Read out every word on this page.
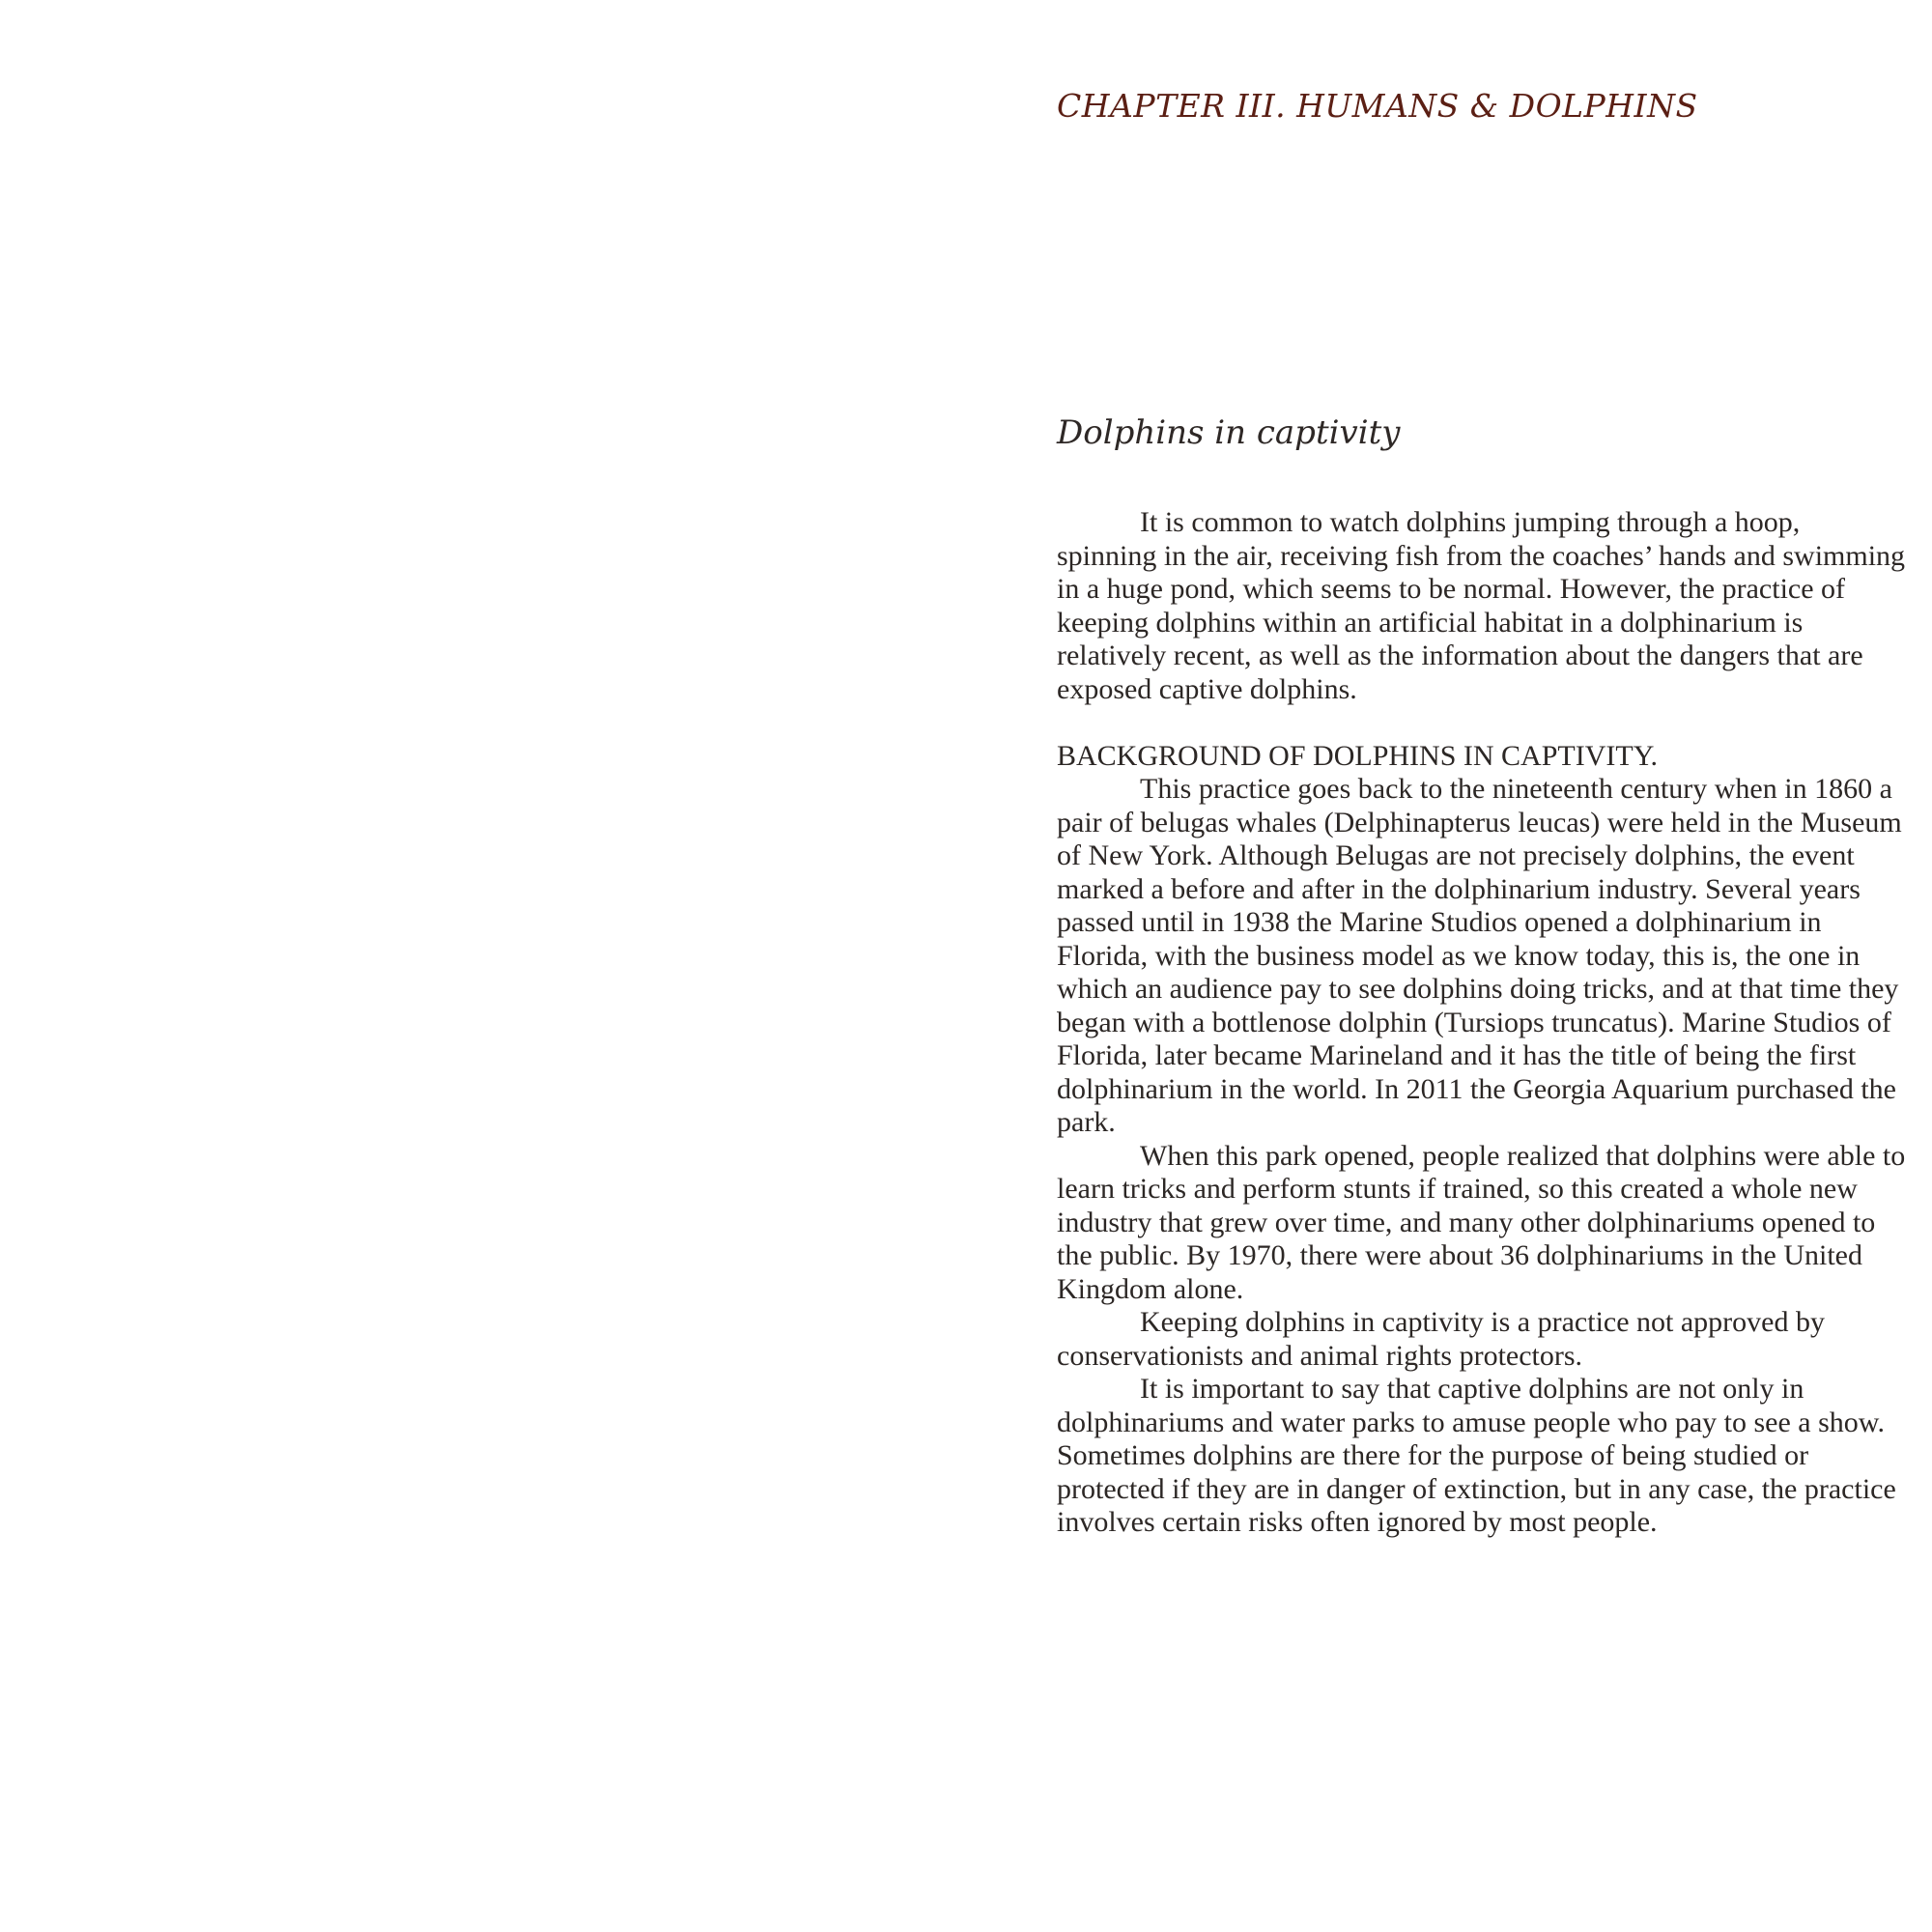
CHAPTER III. HUMANS & DOLPHINS
Dolphins in captivity

It is common to watch dolphins jumping through a hoop, spinning in the air, receiving fish from the coaches’ hands and swimming in a huge pond, which seems to be normal. However, the practice of keeping dolphins within an artificial habitat in a dolphinarium is relatively recent, as well as the information about the dangers that are exposed captive dolphins.

BACKGROUND OF DOLPHINS IN CAPTIVITY.

This practice goes back to the nineteenth century when in 1860 a pair of belugas whales (Delphinapterus leucas) were held in the Museum of New York. Although Belugas are not precisely dolphins, the event marked a before and after in the dolphinarium industry. Several years passed until in 1938 the Marine Studios opened a dolphinarium in Florida, with the business model as we know today, this is, the one in which an audience pay to see dolphins doing tricks, and at that time they began with a bottlenose dolphin (Tursiops truncatus). Marine Studios of Florida, later became Marineland and it has the title of being the first dolphinarium in the world. In 2011 the Georgia Aquarium purchased the park.

When this park opened, people realized that dolphins were able to learn tricks and perform stunts if trained, so this created a whole new industry that grew over time, and many other dolphinariums opened to the public. By 1970, there were about 36 dolphinariums in the United Kingdom alone.

Keeping dolphins in captivity is a practice not approved by conservationists and animal rights protectors.

It is important to say that captive dolphins are not only in dolphinariums and water parks to amuse people who pay to see a show. Sometimes dolphins are there for the purpose of being studied or protected if they are in danger of extinction, but in any case, the practice involves certain risks often ignored by most people.
